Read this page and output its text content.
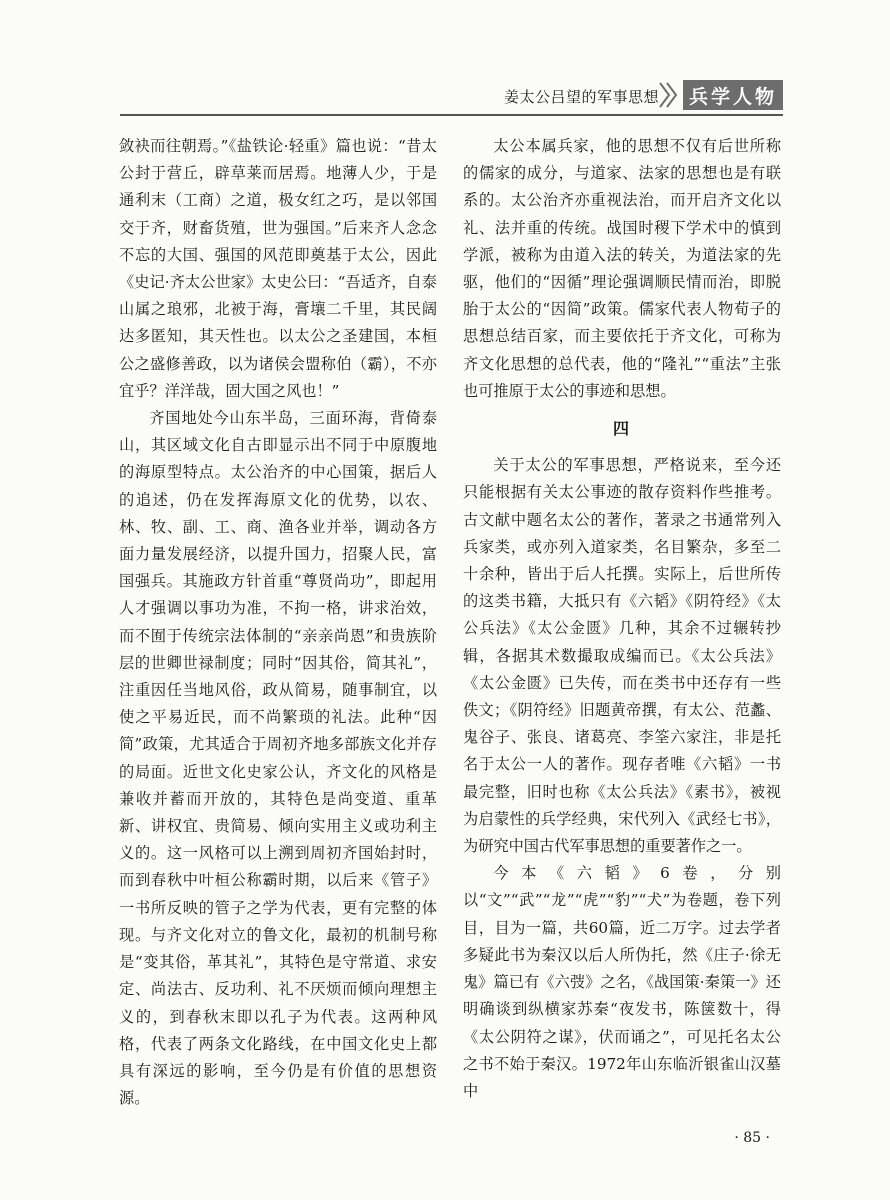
姜太公吕望的军事思想	兵学人物

敛袂而往朝焉。”《盐铁论·轻重》篇也说：“昔太公封于营丘，辟草莱而居焉。地薄人少，于是通利末（工商）之道，极女红之巧，是以邻国交于齐，财畜货殖，世为强国。”后来齐人念念不忘的大国、强国的风范即奠基于太公，因此《史记·齐太公世家》太史公曰：“吾适齐，自泰山属之琅邪，北被于海，膏壤二千里，其民阔达多匿知，其天性也。以太公之圣建国，本桓公之盛修善政，以为诸侯会盟称伯（霸），不亦宜乎？洋洋哉，固大国之风也！”

齐国地处今山东半岛，三面环海，背倚泰山，其区域文化自古即显示出不同于中原腹地的海原型特点。太公治齐的中心国策，据后人的追述，仍在发挥海原文化的优势，以农、林、牧、副、工、商、渔各业并举，调动各方面力量发展经济，以提升国力，招聚人民，富国强兵。其施政方针首重“尊贤尚功”，即起用人才强调以事功为准，不拘一格，讲求治效，而不囿于传统宗法体制的“亲亲尚恩”和贵族阶层的世卿世禄制度；同时“因其俗，简其礼”，注重因任当地风俗，政从简易，随事制宜，以使之平易近民，而不尚繁琐的礼法。此种“因简”政策，尤其适合于周初齐地多部族文化并存的局面。近世文化史家公认，齐文化的风格是兼收并蓄而开放的，其特色是尚变道、重革新、讲权宜、贵简易、倾向实用主义或功利主义的。这一风格可以上溯到周初齐国始封时，而到春秋中叶桓公称霸时期，以后来《管子》一书所反映的管子之学为代表，更有完整的体现。与齐文化对立的鲁文化，最初的机制号称是“变其俗，革其礼”，其特色是守常道、求安定、尚法古、反功利、礼不厌烦而倾向理想主义的，到春秋末即以孔子为代表。这两种风格，代表了两条文化路线，在中国文化史上都具有深远的影响，至今仍是有价值的思想资源。

太公本属兵家，他的思想不仅有后世所称的儒家的成分，与道家、法家的思想也是有联系的。太公治齐亦重视法治，而开启齐文化以礼、法并重的传统。战国时稷下学术中的慎到学派，被称为由道入法的转关，为道法家的先驱，他们的“因循”理论强调顺民情而治，即脱胎于太公的“因简”政策。儒家代表人物荀子的思想总结百家，而主要依托于齐文化，可称为齐文化思想的总代表，他的“隆礼”“重法”主张也可推原于太公的事迹和思想。

四

关于太公的军事思想，严格说来，至今还只能根据有关太公事迹的散存资料作些推考。古文献中题名太公的著作，著录之书通常列入兵家类，或亦列入道家类，名目繁杂，多至二十余种，皆出于后人托撰。实际上，后世所传的这类书籍，大抵只有《六韬》《阴符经》《太公兵法》《太公金匮》几种，其余不过辗转抄辑，各据其术数撮取成编而已。《太公兵法》《太公金匮》已失传，而在类书中还存有一些佚文；《阴符经》旧题黄帝撰，有太公、范蠡、鬼谷子、张良、诸葛亮、李筌六家注，非是托名于太公一人的著作。现存者唯《六韬》一书最完整，旧时也称《太公兵法》《素书》，被视为启蒙性的兵学经典，宋代列入《武经七书》，为研究中国古代军事思想的重要著作之一。

今本《六韬》6卷，分别以“文”“武”“龙”“虎”“豹”“犬”为卷题，卷下列目，目为一篇，共60篇，近二万字。过去学者多疑此书为秦汉以后人所伪托，然《庄子·徐无鬼》篇已有《六弢》之名，《战国策·秦策一》还明确谈到纵横家苏秦“夜发书，陈箧数十，得《太公阴符之谋》，伏而诵之”，可见托名太公之书不始于秦汉。1972年山东临沂银雀山汉墓中

· 85 ·
